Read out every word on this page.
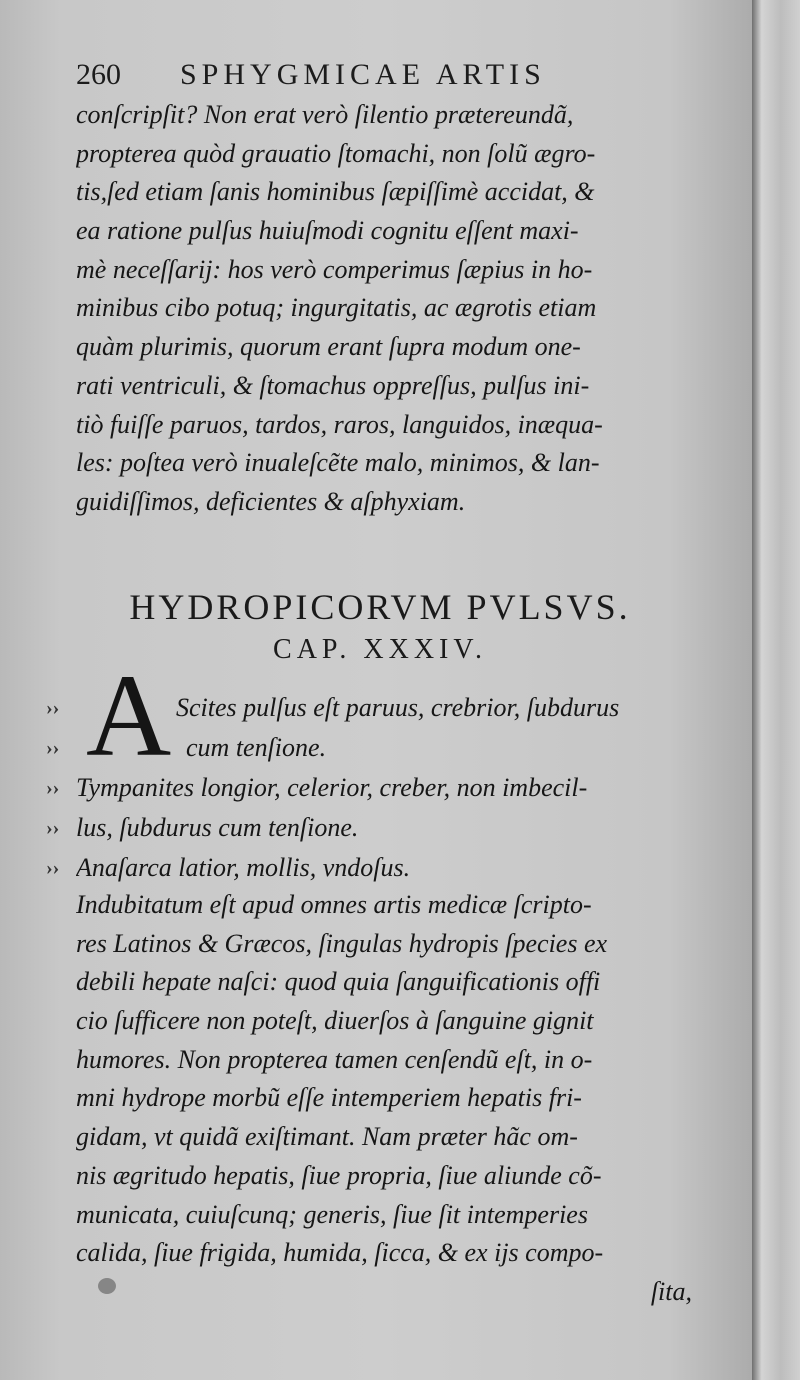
260 SPHYGMICAE ARTIS
conſcripſit? Non erat verò ſilentio prætereundã,
propterea quòd grauatio ſtomachi, non ſolũ ægro-
tis,ſed etiam ſanis hominibus ſæpiſſimè accidat, &
ea ratione pulſus huiuſmodi cognitu eſſent maxi-
mè neceſſarij: hos verò comperimus ſæpius in ho-
minibus cibo potuq; ingurgitatis, ac ægrotis etiam
quàm plurimis, quorum erant ſupra modum one-
rati ventriculi, & ſtomachus oppreſſus, pulſus ini-
tiò fuiſſe paruos, tardos, raros, languidos, inæqua-
les: poſtea verò inualeſcẽte malo, minimos, & lan-
guidiſſimos, deficientes & aſphyxiam.
HYDROPICORVM PVLSVS.
CAP. XXXIV.
A
››
››
››
››
››
Scites pulſus eſt paruus, crebrior, ſubdurus
cum tenſione.
Tympanites longior, celerior, creber, non imbecil-
lus, ſubdurus cum tenſione.
Anaſarca latior, mollis, vndoſus.
Indubitatum eſt apud omnes artis medicæ ſcripto-
res Latinos & Græcos, ſingulas hydropis ſpecies ex
debili hepate naſci: quod quia ſanguificationis offi
cio ſufficere non poteſt, diuerſos à ſanguine gignit
humores. Non propterea tamen cenſendũ eſt, in o-
mni hydrope morbũ eſſe intemperiem hepatis fri-
gidam, vt quidã exiſtimant. Nam præter hãc om-
nis ægritudo hepatis, ſiue propria, ſiue aliunde cõ-
municata, cuiuſcunq; generis, ſiue ſit intemperies
calida, ſiue frigida, humida, ſicca, & ex ijs compo-
ſita,
